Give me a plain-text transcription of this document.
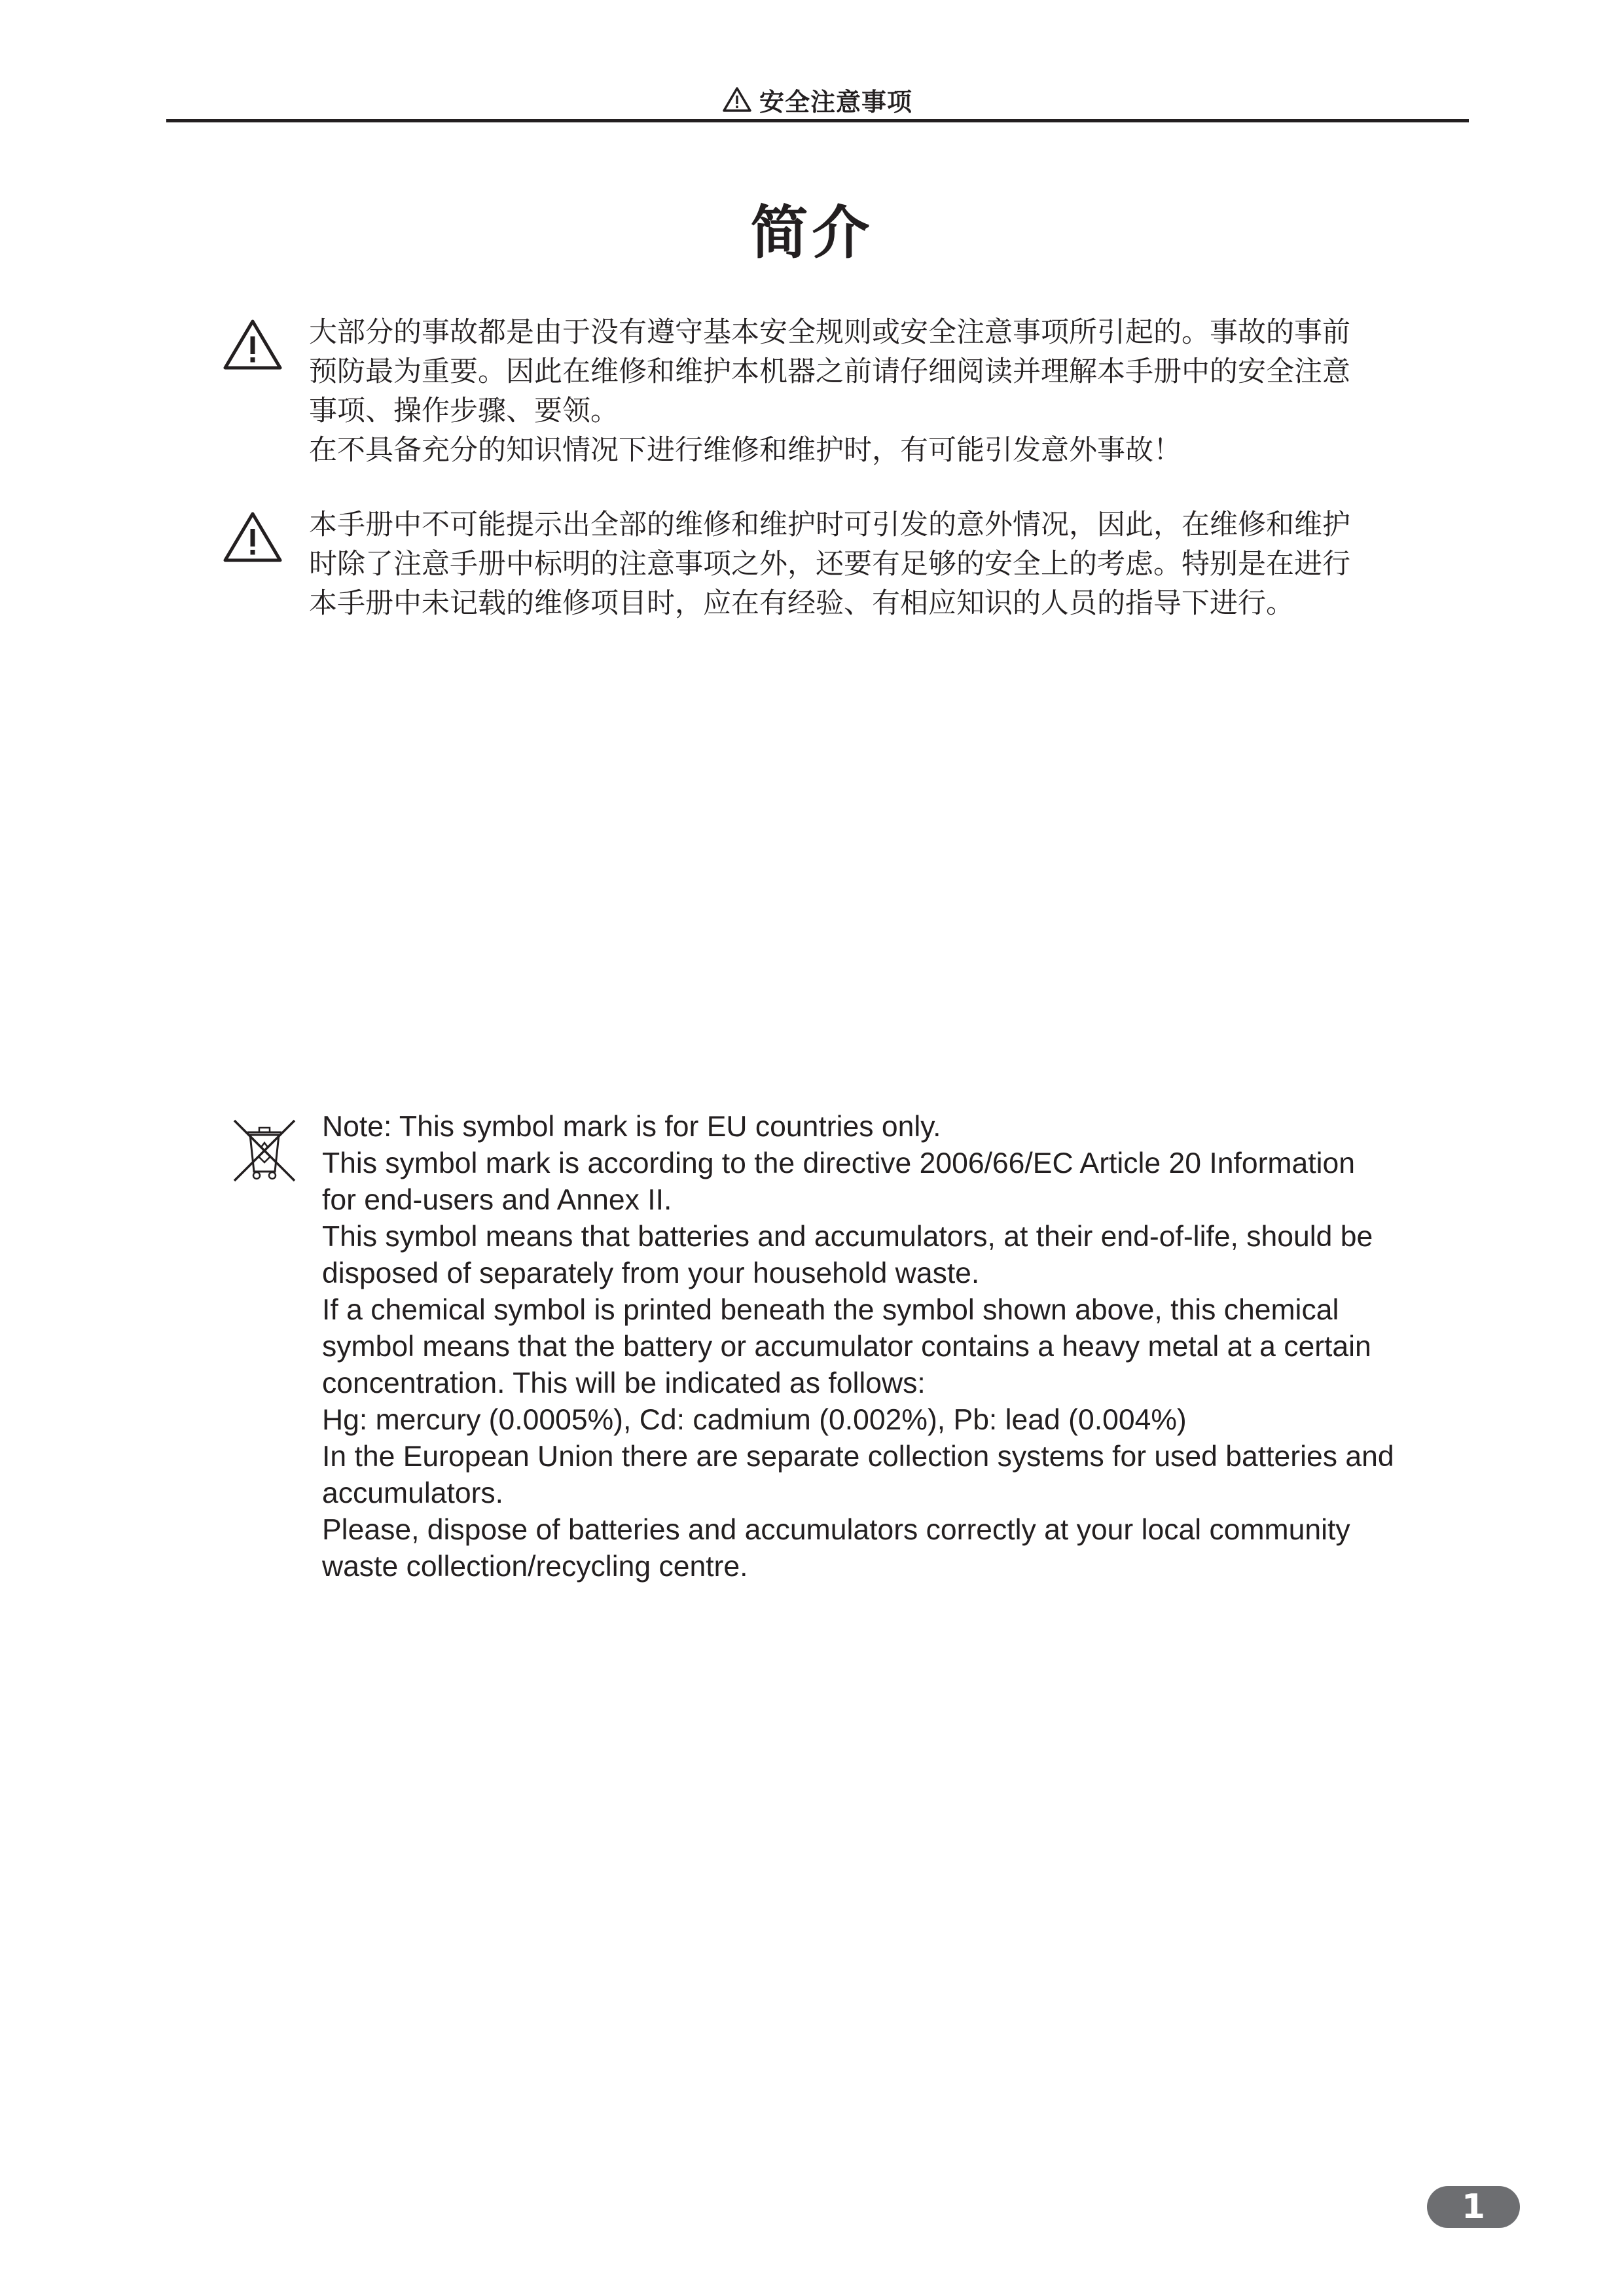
安全注意事项
简介

大部分的事故都是由于没有遵守基本安全规则或安全注意事项所引起的。事故的事前

预防最为重要。因此在维修和维护本机器之前请仔细阅读并理解本手册中的安全注意

事项、操作步骤、要领。

在不具备充分的知识情况下进行维修和维护时，有可能引发意外事故！

本手册中不可能提示出全部的维修和维护时可引发的意外情况，因此，在维修和维护

时除了注意手册中标明的注意事项之外，还要有足够的安全上的考虑。特别是在进行

本手册中未记载的维修项目时，应在有经验、有相应知识的人员的指导下进行。

Note: This symbol mark is for EU countries only.

This symbol mark is according to the directive 2006/66/EC Article 20 Information

for end-users and Annex II.

This symbol means that batteries and accumulators, at their end-of-life, should be

disposed of separately from your household waste.

If a chemical symbol is printed beneath the symbol shown above, this chemical

symbol means that the battery or accumulator contains a heavy metal at a certain

concentration. This will be indicated as follows:

Hg: mercury (0.0005%), Cd: cadmium (0.002%), Pb: lead (0.004%)

In the European Union there are separate collection systems for used batteries and

accumulators.

Please, dispose of batteries and accumulators correctly at your local community

waste collection/recycling centre.

1
